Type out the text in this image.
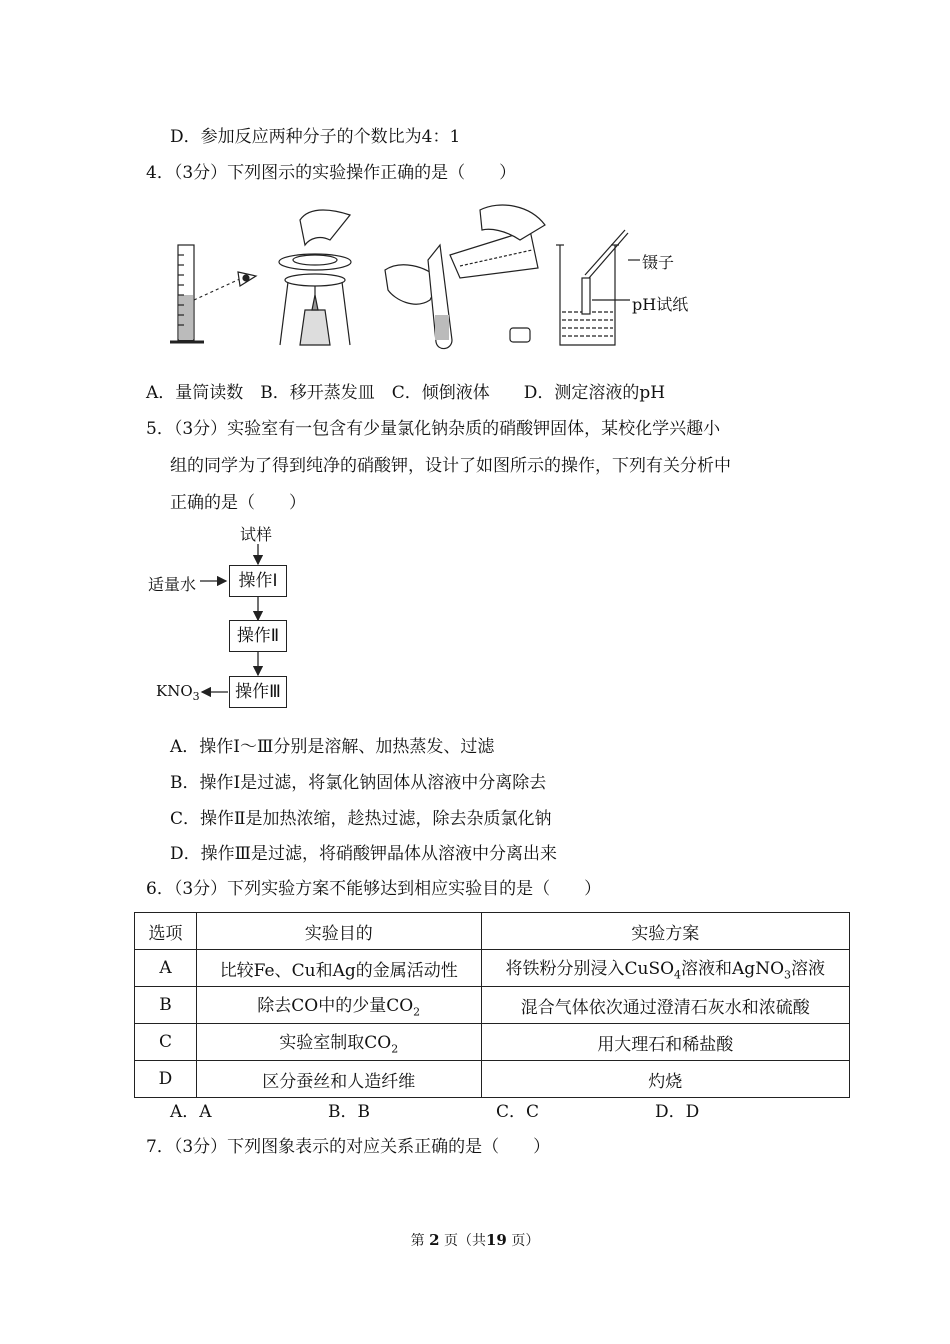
D．参加反应两种分子的个数比为4：1
4．（3分）下列图示的实验操作正确的是（　　）
镊子
pH试纸
A．量筒读数　B．移开蒸发皿　C．倾倒液体　　D．测定溶液的pH
5．（3分）实验室有一包含有少量氯化钠杂质的硝酸钾固体，某校化学兴趣小
组的同学为了得到纯净的硝酸钾，设计了如图所示的操作，下列有关分析中
正确的是（　　）
试样
适量水	操作Ⅰ
操作Ⅱ
操作Ⅲ
$KNO_3$
A．操作Ⅰ～Ⅲ分别是溶解、加热蒸发、过滤
B．操作Ⅰ是过滤，将氯化钠固体从溶液中分离除去
C．操作Ⅱ是加热浓缩，趁热过滤，除去杂质氯化钠
D．操作Ⅲ是过滤，将硝酸钾晶体从溶液中分离出来
6．（3分）下列实验方案不能够达到相应实验目的是（　　）
选项	实验目的	实验方案
A	比较Fe、Cu和Ag的金属活动性	将铁粉分别浸入CuSO$_4$溶液和AgNO$_3$溶液
B	除去CO中的少量$CO_2$	混合气体依次通过澄清石灰水和浓硫酸
C	实验室制取$CO_2$	用大理石和稀盐酸
D	区分蚕丝和人造纤维	灼烧
A．A	B．B	C．C	D．D
7．（3分）下列图象表示的对应关系正确的是（　　）
第 2 页（共19 页）
